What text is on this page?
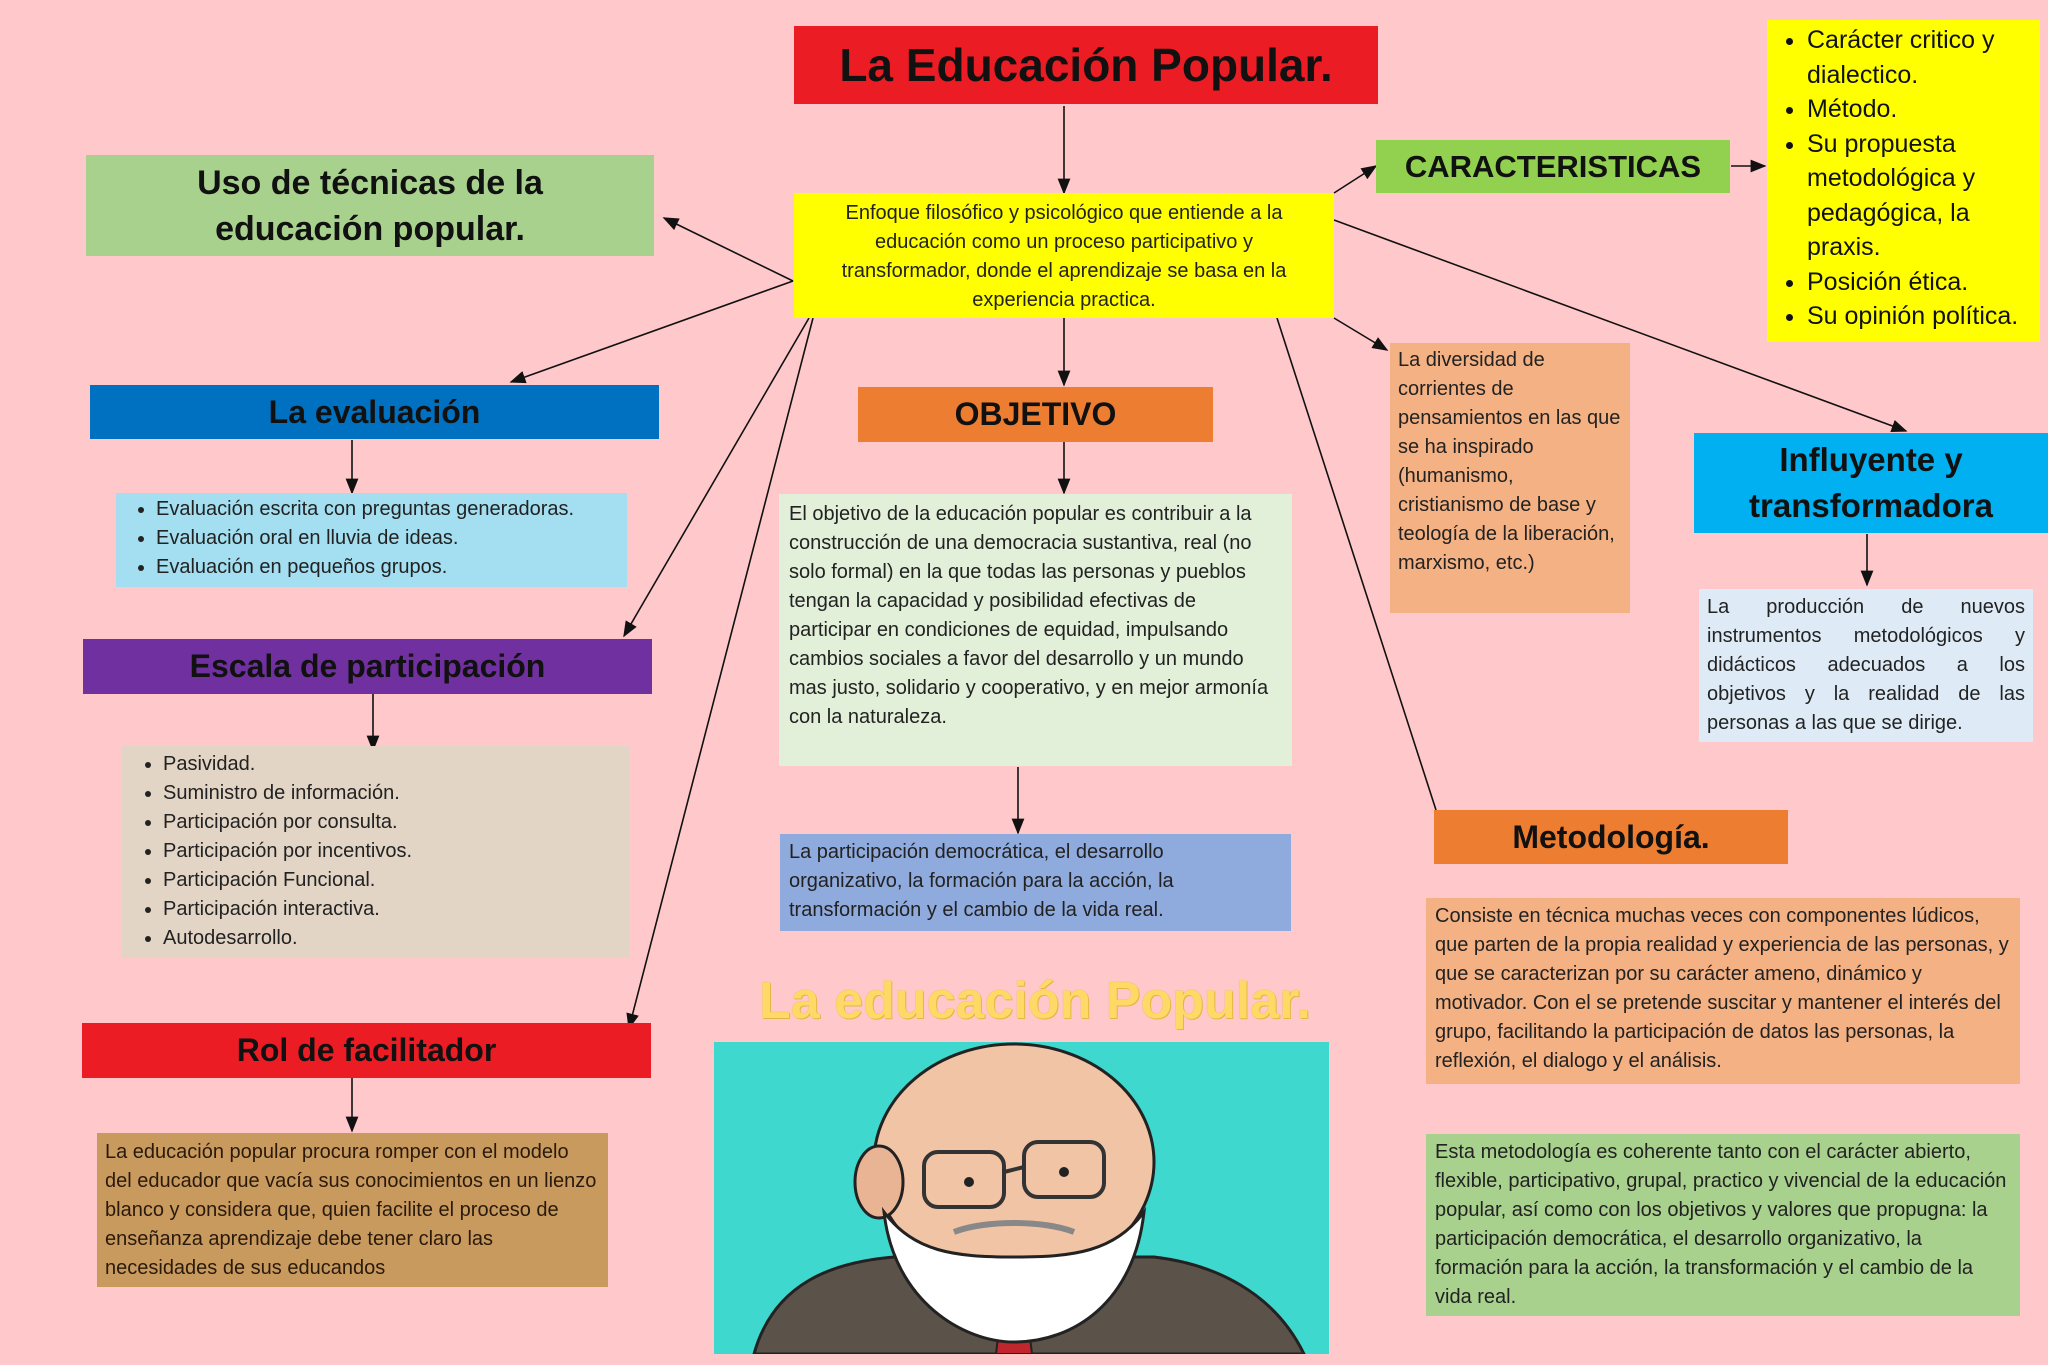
La Educación Popular.
Enfoque filosófico y psicológico que entiende a la educación como un proceso participativo y transformador, donde el aprendizaje se basa en la experiencia practica.
Uso de técnicas de la educación popular.
La evaluación
• Evaluación escrita con preguntas generadoras.
• Evaluación oral en lluvia de ideas.
• Evaluación en pequeños grupos.
Escala de participación
• Pasividad.
• Suministro de información.
• Participación por consulta.
• Participación por incentivos.
• Participación Funcional.
• Participación interactiva.
• Autodesarrollo.
Rol de facilitador
La educación popular procura romper con el modelo del educador que vacía sus conocimientos en un lienzo blanco y considera que, quien facilite el proceso de enseñanza aprendizaje debe tener claro las necesidades de sus educandos
OBJETIVO
El objetivo de la educación popular es contribuir a la construcción de una democracia sustantiva, real (no solo formal) en la que todas las personas y pueblos tengan la capacidad y posibilidad efectivas de participar en condiciones de equidad, impulsando cambios sociales a favor del desarrollo y un mundo mas justo, solidario y cooperativo, y en mejor armonía con la naturaleza.
La participación democrática, el desarrollo organizativo, la formación para la acción, la transformación y el cambio de la vida real.
La educación Popular.
CARACTERISTICAS
• Carácter critico y dialectico.
• Método.
• Su propuesta metodológica y pedagógica, la praxis.
• Posición ética.
• Su opinión política.
La diversidad de corrientes de pensamientos en las que se ha inspirado (humanismo, cristianismo de base y teología de la liberación, marxismo, etc.)
Influyente y transformadora
La producción de nuevos instrumentos metodológicos y didácticos adecuados a los objetivos y la realidad de las personas a las que se dirige.
Metodología.
Consiste en técnica muchas veces con componentes lúdicos, que parten de la propia realidad y experiencia de las personas, y que se caracterizan por su carácter ameno, dinámico y motivador. Con el se pretende suscitar y mantener el interés del grupo, facilitando la participación de datos las personas, la reflexión, el dialogo y el análisis.
Esta metodología es coherente tanto con el carácter abierto, flexible, participativo, grupal, practico y vivencial de la educación popular, así como con los objetivos y valores que propugna: la participación democrática, el desarrollo organizativo, la formación para la acción, la transformación y el cambio de la vida real.
